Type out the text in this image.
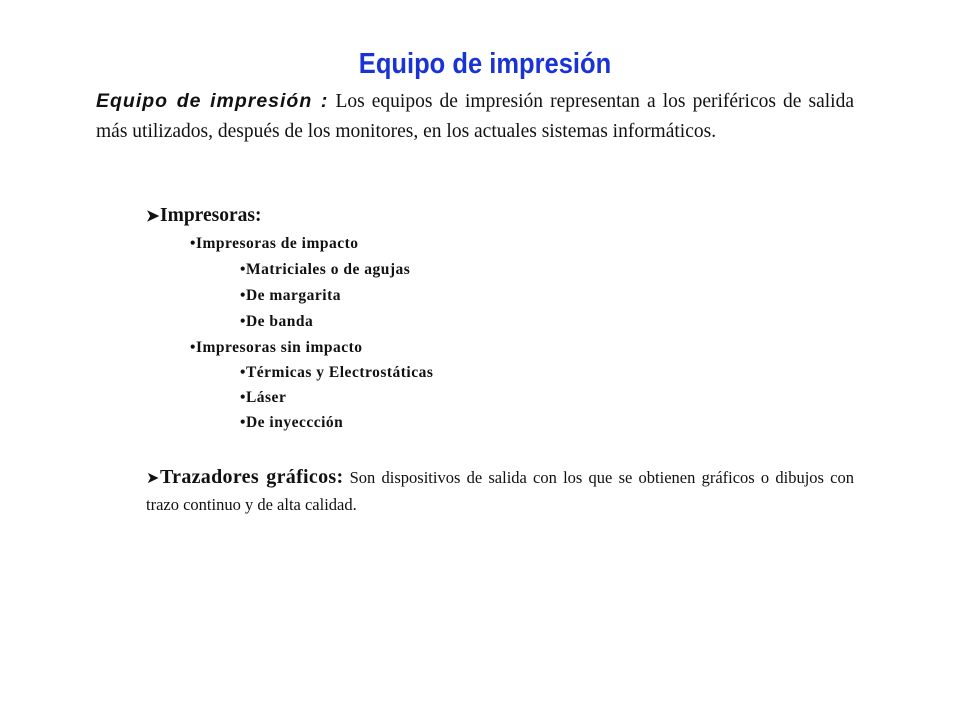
Equipo de impresión
Equipo de impresión : Los equipos de impresión representan a los periféricos de salida más utilizados, después de los monitores, en los actuales sistemas informáticos.
➤Impresoras:
•Impresoras de impacto
•Matriciales o de agujas
•De margarita
•De banda
•Impresoras sin impacto
•Térmicas y Electrostáticas
•Láser
•De inyeccción
➤Trazadores gráficos: Son dispositivos de salida con los que se obtienen gráficos o dibujos con trazo continuo y de alta calidad.
